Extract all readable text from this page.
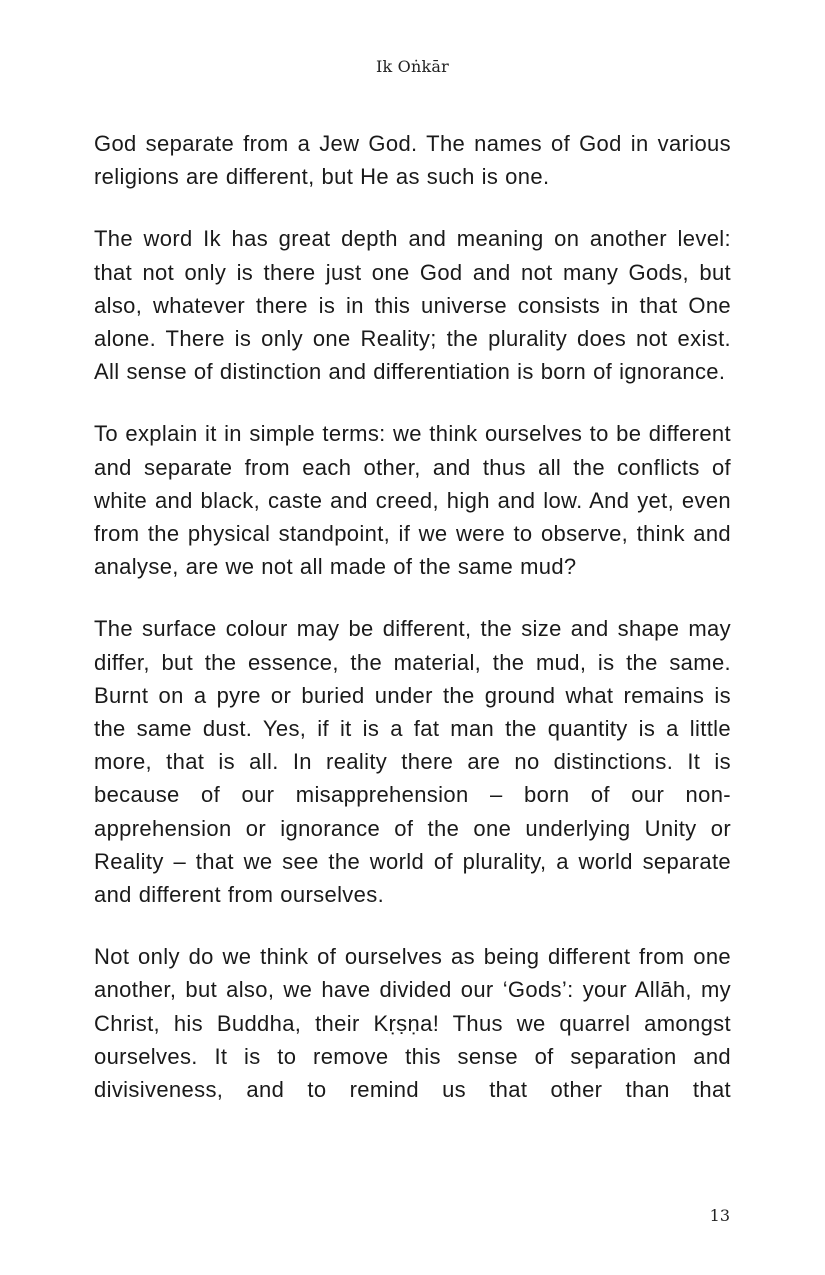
Ik Oṅkār

God separate from a Jew God. The names of God in various religions are different, but He as such is one.

The word Ik has great depth and meaning on another level: that not only is there just one God and not many Gods, but also, whatever there is in this universe consists in that One alone. There is only one Reality; the plurality does not exist. All sense of distinction and differentiation is born of ignorance.

To explain it in simple terms: we think ourselves to be different and separate from each other, and thus all the conflicts of white and black, caste and creed, high and low. And yet, even from the physical standpoint, if we were to observe, think and analyse, are we not all made of the same mud?

The surface colour may be different, the size and shape may differ, but the essence, the material, the mud, is the same. Burnt on a pyre or buried under the ground what remains is the same dust. Yes, if it is a fat man the quantity is a little more, that is all. In reality there are no distinctions. It is because of our misapprehension – born of our non-apprehension or ignorance of the one underlying Unity or Reality – that we see the world of plurality, a world separate and different from ourselves.

Not only do we think of ourselves as being different from one another, but also, we have divided our ‘Gods’: your Allāh, my Christ, his Buddha, their Kṛṣṇa! Thus we quarrel amongst ourselves. It is to remove this sense of separation and divisiveness, and to remind us that other than that

13
